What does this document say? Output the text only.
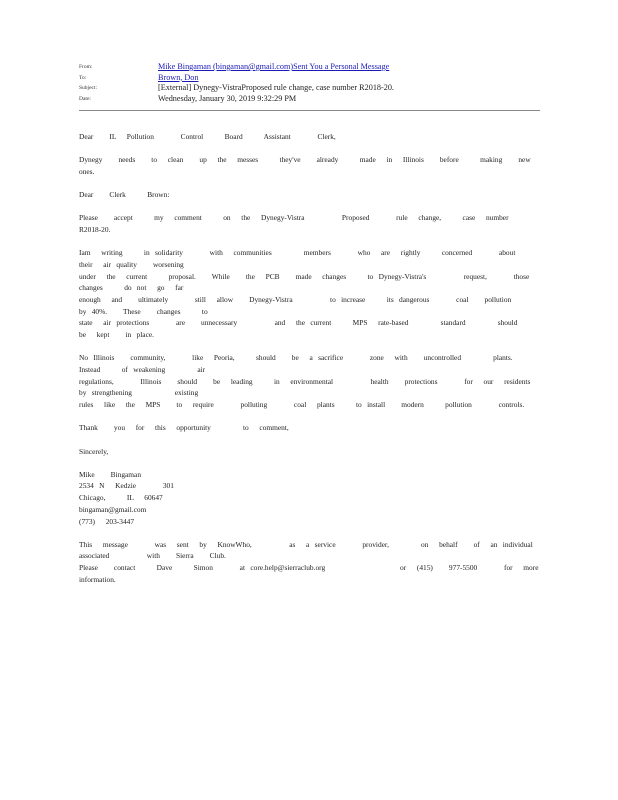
From:	Mike Bingaman (bingaman@gmail.com)Sent You a Personal Message
To:	Brown, Don
Subject:	[External] Dynegy-VistraProposed rule change, case number R2018-20.
Date:	Wednesday, January 30, 2019 9:32:29 PM

Dear   IL  Pollution     Control    Board    Assistant     Clerk,

Dynegy   needs   to  clean   up  the  messes    they've   already    made  in  Illinois   before    making   new  ones.

Dear   Clerk    Brown:

Please   accept    my  comment    on  the  Dynegy-Vistra       Proposed     rule  change,    case  number    R2018-20.

Iam  writing    in solidarity     with  communities      members     who  are  rightly    concerned     about   their  air quality   worsening
under  the  current    proposal.   While   the  PCB   made  changes    to Dynegy-Vistra's       request,     those  changes    do not  go  far
enough  and   ultimately     still  allow   Dynegy-Vistra       to increase    its dangerous     coal   pollution    by 40%.   These   changes    to
state  air protections     are   unnecessary       and  the current    MPS  rate-based      standard      should    be  kept   in place.

No Illinois   community,     like  Peoria,    should   be  a sacrifice     zone  with   uncontrolled      plants.    Instead    of weakening      air
regulations,     Illinois   should   be  leading    in  environmental       health   protections     for  our  residents     by strengthening        existing
rules  like  the  MPS   to  require     polluting     coal  plants    to install   modern    pollution     controls.

Thank   you  for  this  opportunity      to  comment,

Sincerely,

Mike   Bingaman
2534 N  Kedzie     301
Chicago,    IL  60647
bingaman@gmail.com
(773)  203-3447

This  message     was  sent  by  KnowWho,       as  a service     provider,      on  behalf   of  an individual     associated       with   Sierra   Club.
Please   contact    Dave    Simon     at core.help@sierraclub.org              or  (415)   977-5500     for  more    information.
